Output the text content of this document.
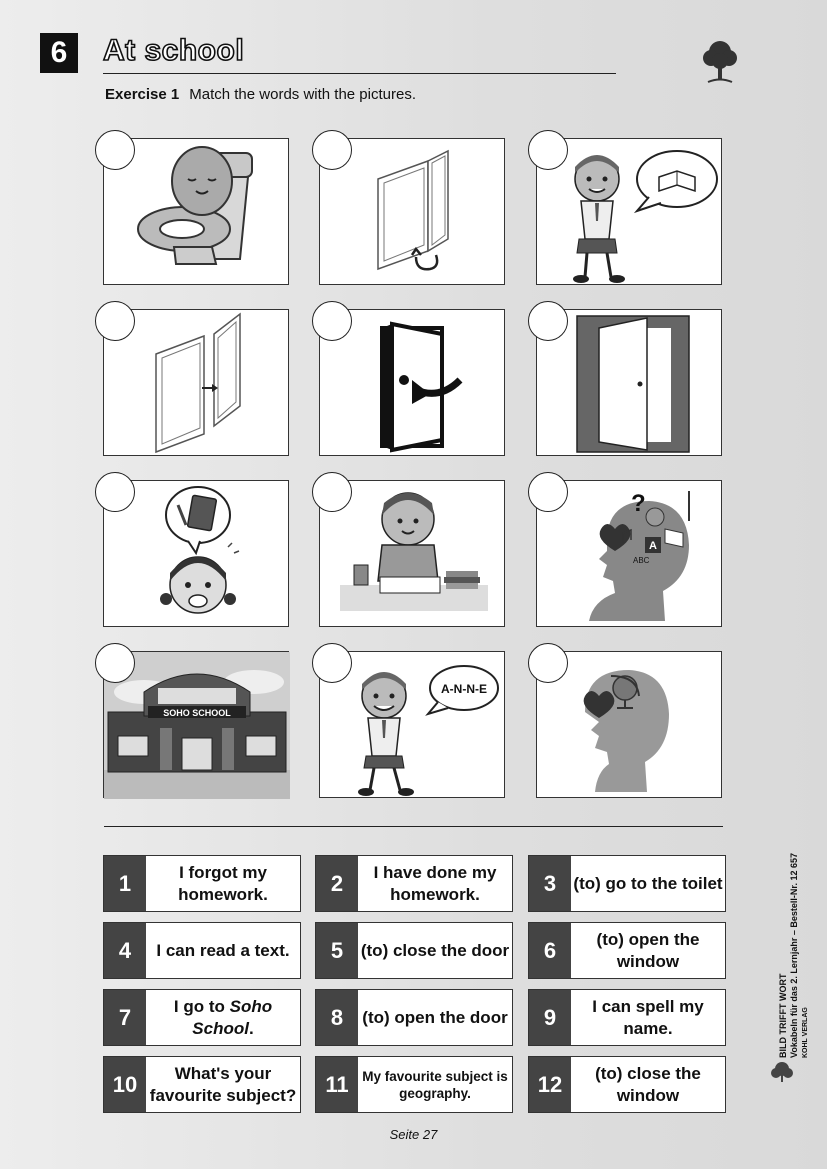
6	At school
Exercise 1 Match the words with the pictures.
?
A
ABC
SOHO SCHOOL
A-N-N-E
1	I forgot my homework.	2	I have done my homework.	3	(to) go to the toilet
4	I can read a text.	5	(to) close the door	6	(to) open the window
7	I go to Soho School.	8	(to) open the door	9	I can spell my name.
10	What's your favourite subject?	11	My favourite subject is geography.	12	(to) close the window
BILD TRIFFT WORT Vokabeln für das 2. Lernjahr – Bestell-Nr. 12 657
KOHL VERLAG
Seite 27
